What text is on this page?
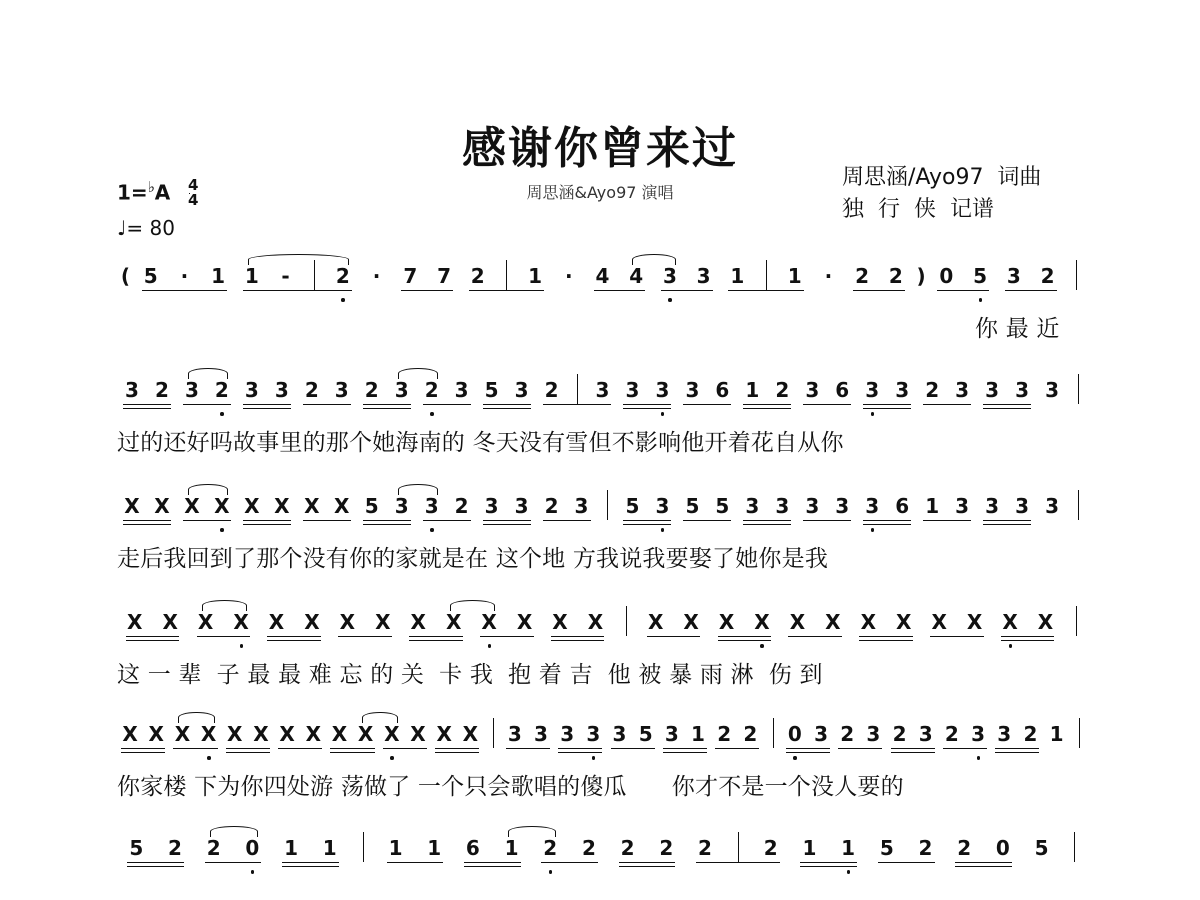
感谢你曾来过
周思涵&Ayo97 演唱
周思涵/Ayo97  词曲
独  行  侠  记谱
1=♭A 4
4
♩= 80
( 5	·	1 1	-	2	·	7 7 2 1	·	4 4 3 3 1 1	·	2 2 ) 0 5 3 2
你 最 近
3 2 3 2 3 3 2 3 2 3 2 3 5 3 2 3 3 3 3 6 1 2 3 6 3 3 2 3 3 3 3
过的还好吗故事里的那个她海南的 冬天没有雪但不影响他开着花自从你
X X X X X X X X 5 3 3 2 3 3 2 3 5 3 5 5 3 3 3 3 3 6 1 3 3 3 3
走后我回到了那个没有你的家就是在 这个地 方我说我要娶了她你是我
X X X X X X X X X X X X X X X X X X X X X X X X X X
这 一 辈  子 最 最 难 忘 的 关  卡 我  抱 着 吉  他 被 暴 雨 淋  伤 到
X X X X X X X X X X X X X X 3 3 3 3 3 5 3 1 2 2 0 3 2 3 2 3 2 3 3 2 1
你家楼 下为你四处游 荡做了 一个只会歌唱的傻瓜      你才不是一个没人要的
5 2 2 0 1 1	1 1 6 1 2 2 2 2 2	2 1 1 5 2 2 0 5
